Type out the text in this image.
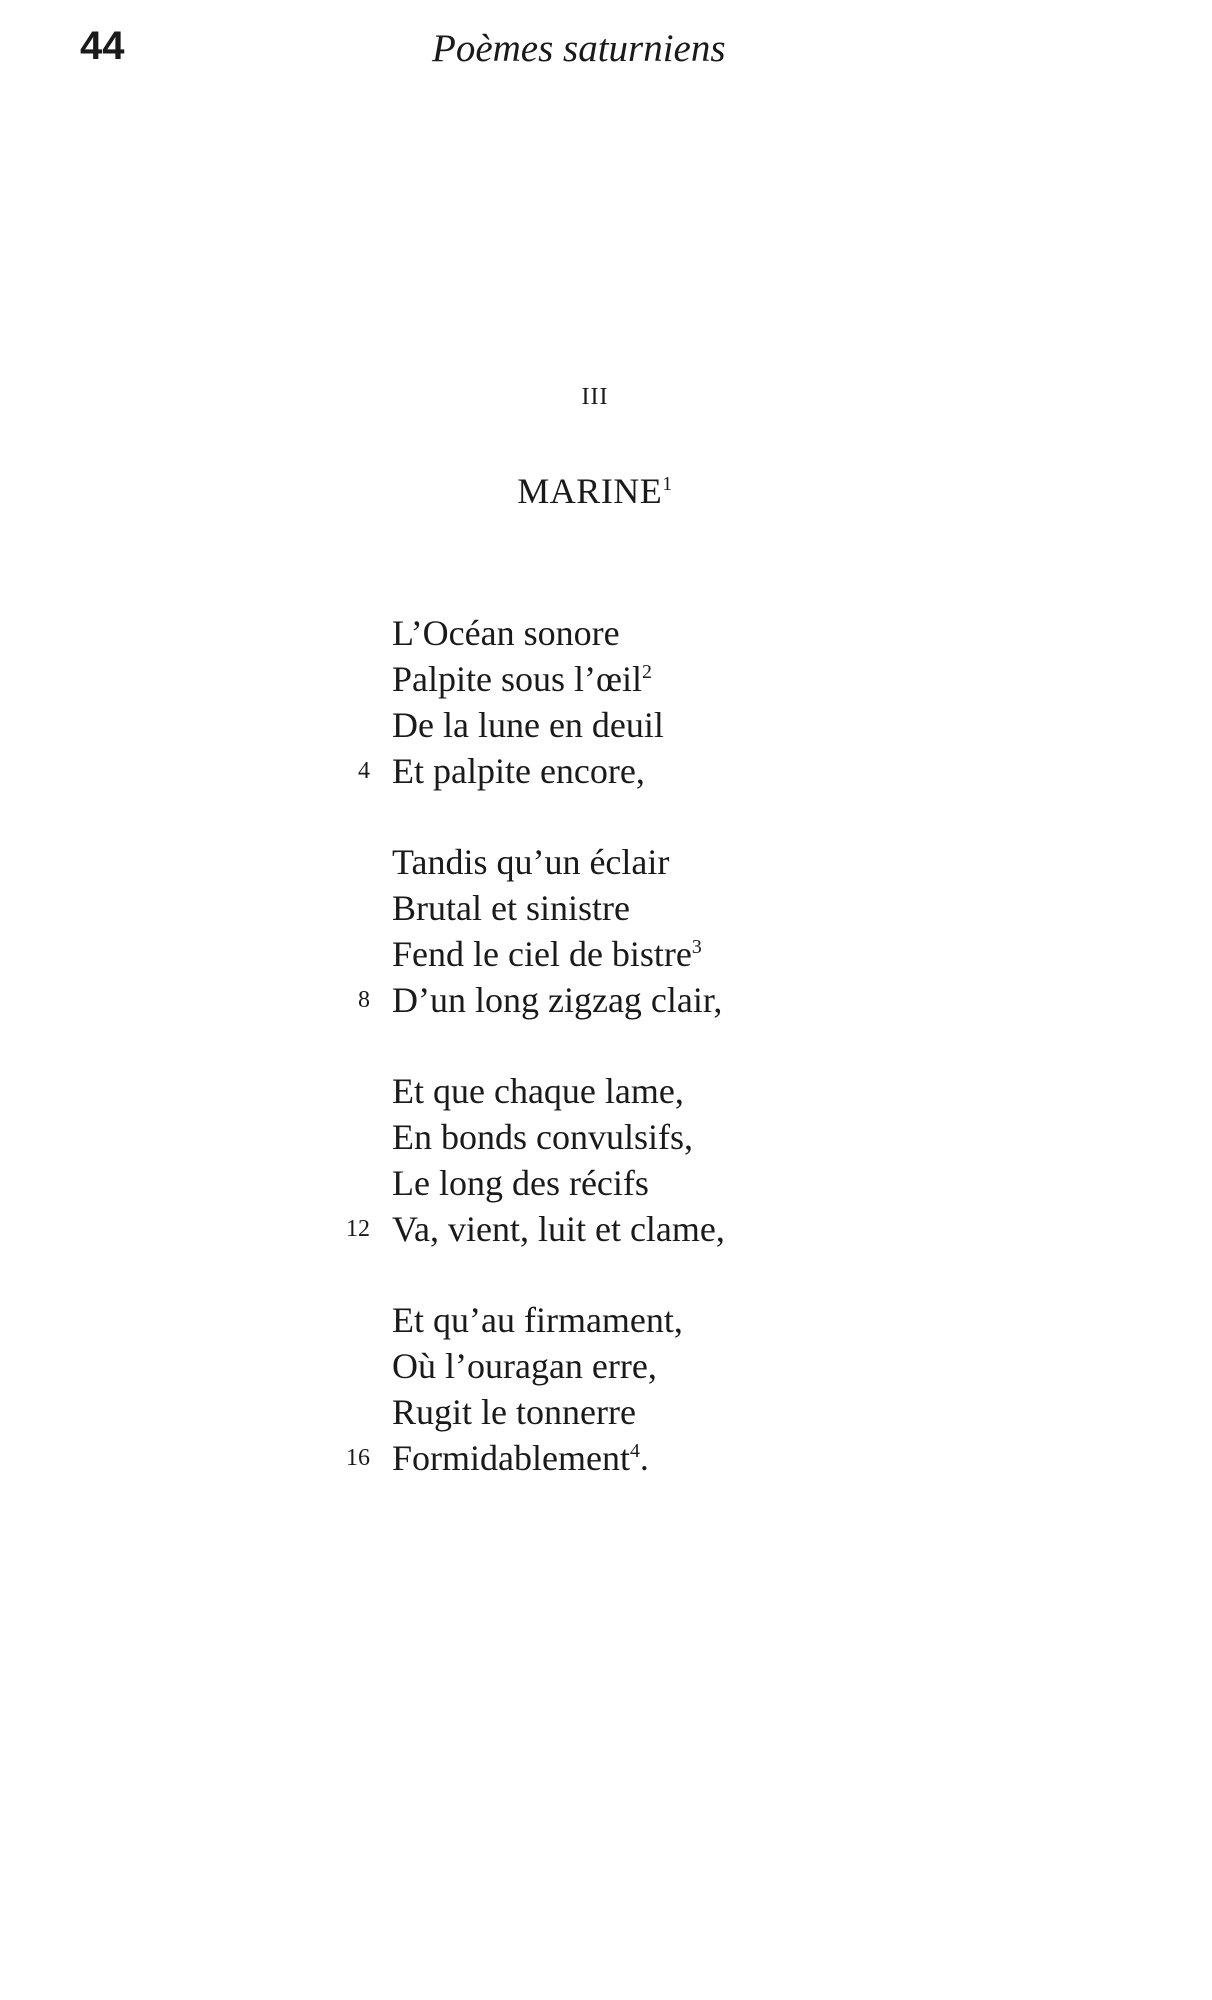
44	Poèmes saturniens
III
MARINE$^1$
L’Océan sonore
Palpite sous l’œil$^2$
De la lune en deuil
4 Et palpite encore,
Tandis qu’un éclair
Brutal et sinistre
Fend le ciel de bistre$^3$
8 D’un long zigzag clair,
Et que chaque lame,
En bonds convulsifs,
Le long des récifs
12 Va, vient, luit et clame,
Et qu’au firmament,
Où l’ouragan erre,
Rugit le tonnerre
16 Formidablement$^4$.
